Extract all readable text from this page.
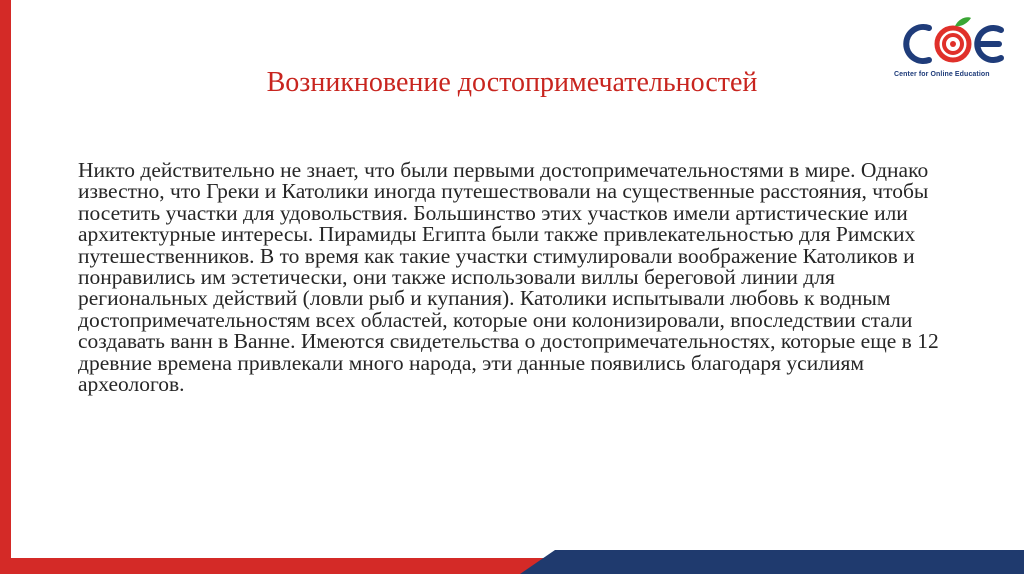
Center for Online Education
Возникновение достопримечательностей

Никто действительно не знает, что были первыми достопримечательностями в мире. Однако известно, что Греки и Католики иногда путешествовали на существенные расстояния, чтобы посетить участки для удовольствия. Большинство этих участков имели артистические или архитектурные интересы. Пирамиды Египта были также привлекательностью для Римских путешественников. В то время как такие участки стимулировали воображение Католиков и понравились им эстетически, они также использовали виллы береговой линии для региональных действий (ловли рыб и купания). Католики испытывали любовь к водным достопримечательностям всех областей, которые они колонизировали, впоследствии стали создавать ванн в Ванне. Имеются свидетельства о достопримечательностях, которые еще в 12 древние времена привлекали много народа, эти данные появились благодаря усилиям археологов.
